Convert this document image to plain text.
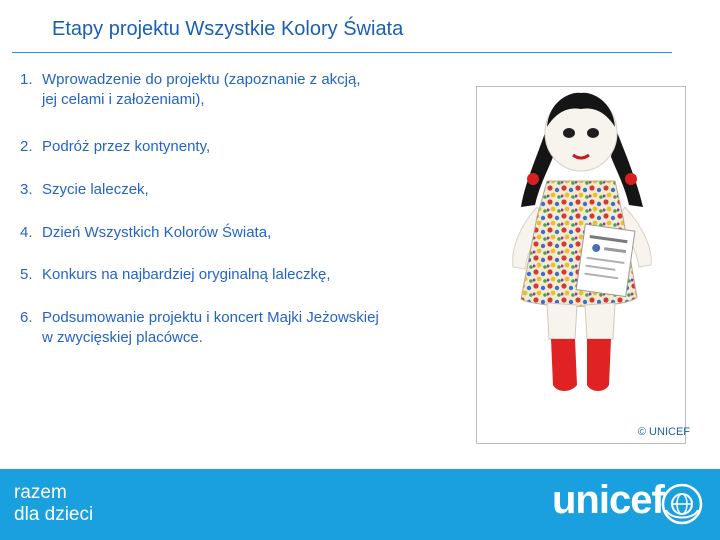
Etapy projektu Wszystkie Kolory Świata
1. Wprowadzenie do projektu (zapoznanie z akcją,
jej celami i założeniami),
2. Podróż przez kontynenty,
3. Szycie laleczek,
4. Dzień Wszystkich Kolorów Świata,
5. Konkurs na najbardziej oryginalną laleczkę,
6. Podsumowanie projektu i koncert Majki Jeżowskiej
w zwycięskiej placówce.
© UNICEF
razem
dla dzieci	unicef
